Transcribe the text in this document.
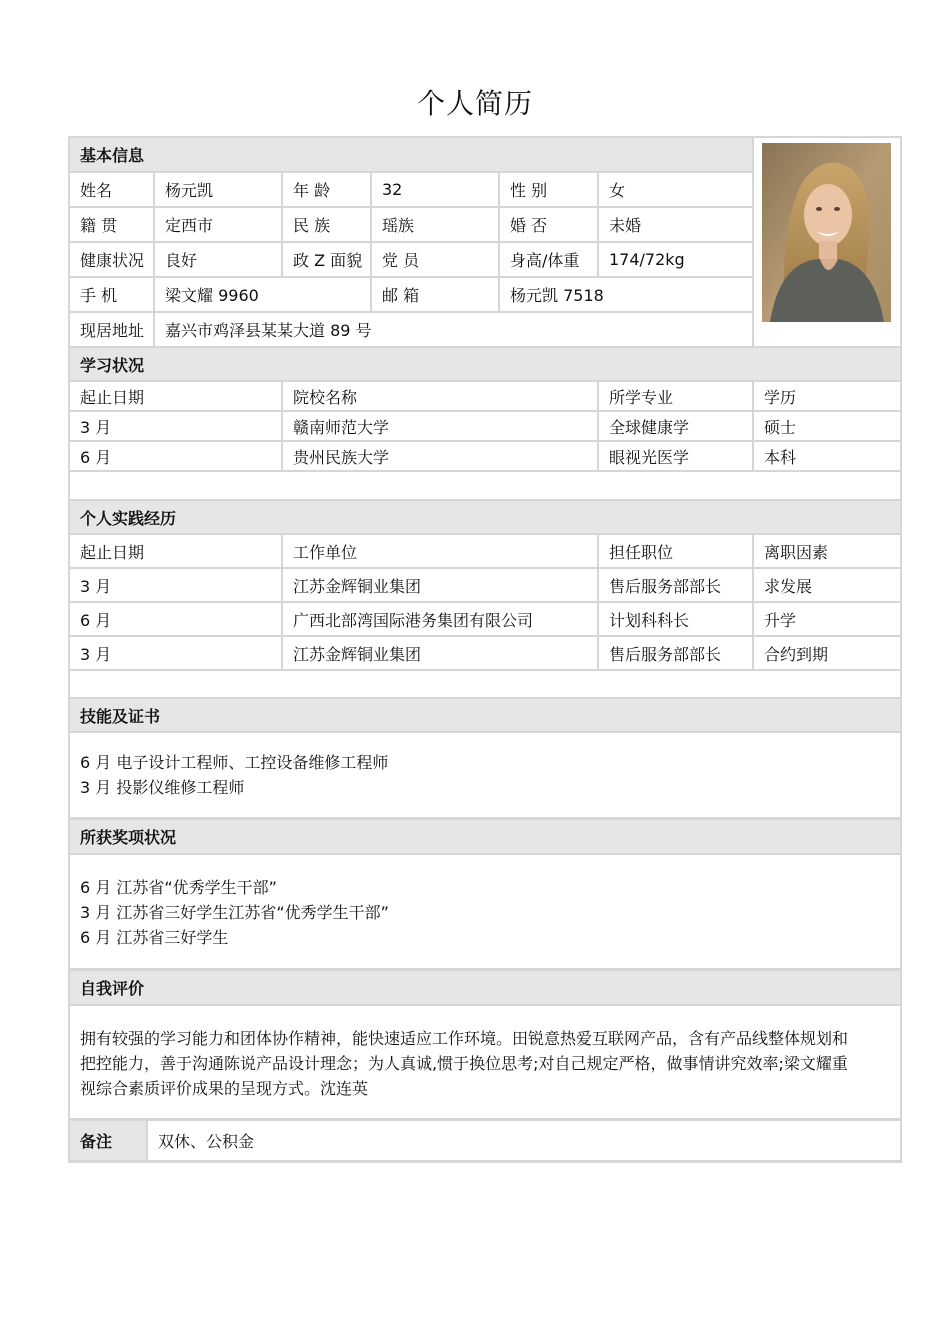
个人简历
基本信息
姓名	杨元凯	年 龄	32	性 别	女
籍 贯	定西市	民 族	瑶族	婚 否	未婚
健康状况	良好	政 Z 面貌	党 员	身高/体重	174/72kg
手 机	梁文耀 9960	邮 箱	杨元凯 7518
现居地址	嘉兴市鸡泽县某某大道 89 号
学习状况
起止日期	院校名称	所学专业	学历
3 月	赣南师范大学	全球健康学	硕士
6 月	贵州民族大学	眼视光医学	本科
个人实践经历
起止日期	工作单位	担任职位	离职因素
3 月	江苏金辉铜业集团	售后服务部部长	求发展
6 月	广西北部湾国际港务集团有限公司	计划科科长	升学
3 月	江苏金辉铜业集团	售后服务部部长	合约到期
技能及证书
6 月 电子设计工程师、工控设备维修工程师
3 月 投影仪维修工程师
所获奖项状况
6 月 江苏省“优秀学生干部”
3 月 江苏省三好学生江苏省“优秀学生干部”
6 月 江苏省三好学生
自我评价
拥有较强的学习能力和团体协作精神，能快速适应工作环境。田锐意热爱互联网产品，含有产品线整体规划和
把控能力，善于沟通陈说产品设计理念；为人真诚,惯于换位思考;对自己规定严格，做事情讲究效率;梁文耀重
视综合素质评价成果的呈现方式。沈连英
备注	双休、公积金
